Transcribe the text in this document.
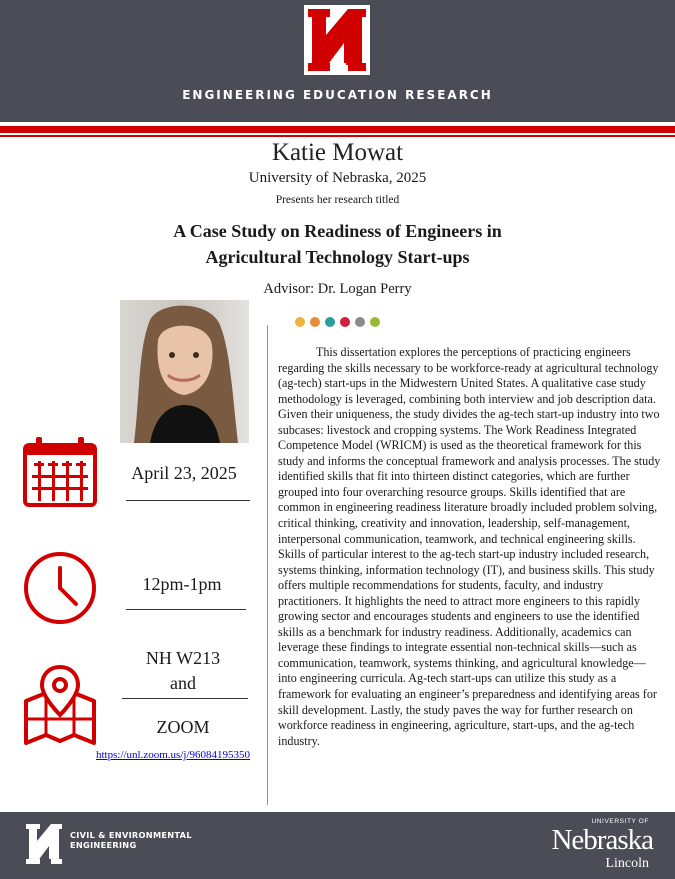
ENGINEERING EDUCATION RESEARCH
Katie Mowat
University of Nebraska, 2025
Presents her research titled
A Case Study on Readiness of Engineers in
Agricultural Technology Start-ups
Advisor: Dr. Logan Perry
This dissertation explores the perceptions of practicing engineers regarding the skills necessary to be workforce-ready at agricultural technology (ag-tech) start-ups in the Midwestern United States. A qualitative case study methodology is leveraged, combining both interview and job description data. Given their uniqueness, the study divides the ag-tech start-up industry into two subcases: livestock and cropping systems. The Work Readiness Integrated Competence Model (WRICM) is used as the theoretical framework for this study and informs the conceptual framework and analysis processes. The study identified skills that fit into thirteen distinct categories, which are further grouped into four overarching resource groups. Skills identified that are common in engineering readiness literature broadly included problem solving, critical thinking, creativity and innovation, leadership, self-management, interpersonal communication, teamwork, and technical engineering skills. Skills of particular interest to the ag-tech start-up industry included research, systems thinking, information technology (IT), and business skills. This study offers multiple recommendations for students, faculty, and industry practitioners. It highlights the need to attract more engineers to this rapidly growing sector and encourages students and engineers to use the identified skills as a benchmark for industry readiness. Additionally, academics can leverage these findings to integrate essential non-technical skills—such as communication, teamwork, systems thinking, and agricultural knowledge—into engineering curricula. Ag-tech start-ups can utilize this study as a framework for evaluating an engineer’s preparedness and identifying areas for skill development. Lastly, the study paves the way for further research on workforce readiness in engineering, agriculture, start-ups, and the ag-tech industry.
April 23, 2025
12pm-1pm
NH W213
and
ZOOM
https://unl.zoom.us/j/96084195350
CIVIL & ENVIRONMENTAL
ENGINEERING
UNIVERSITY OF
Nebraska
Lincoln
